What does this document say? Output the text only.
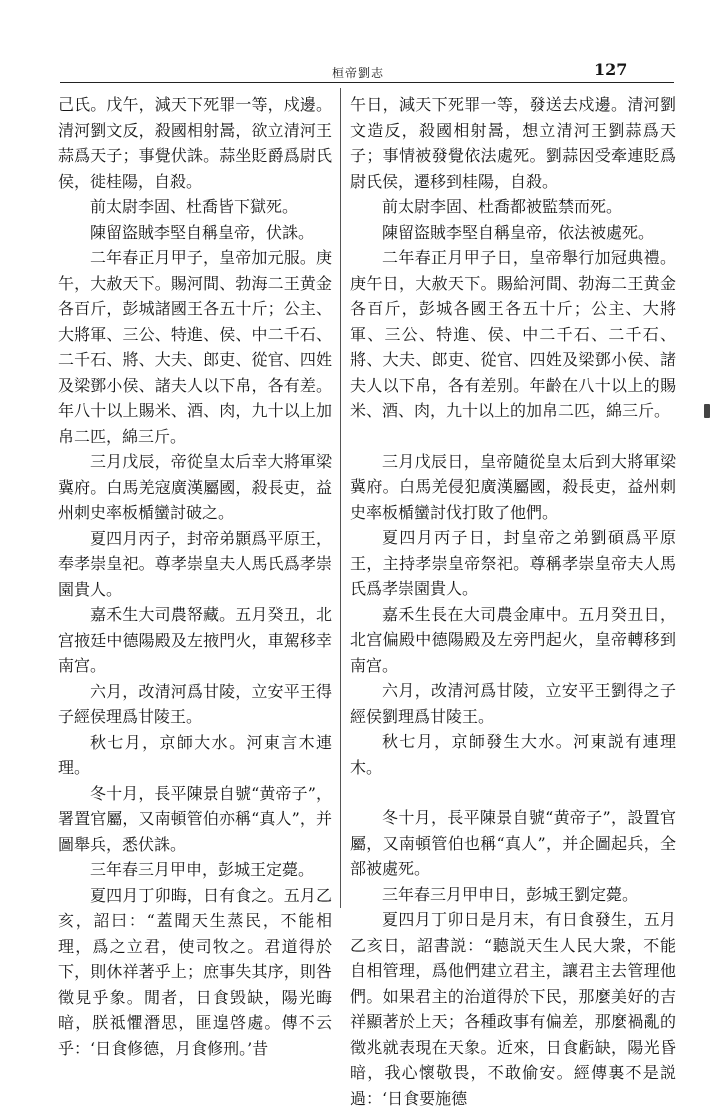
桓帝劉志	127

己氏。戊午，減天下死罪一等，戍邊。清河劉文反，殺國相射暠，欲立清河王蒜爲天子；事覺伏誅。蒜坐貶爵爲尉氏侯，徙桂陽，自殺。

前太尉李固、杜喬皆下獄死。

陳留盜賊李堅自稱皇帝，伏誅。

二年春正月甲子，皇帝加元服。庚午，大赦天下。賜河間、勃海二王黄金各百斤，彭城諸國王各五十斤；公主、大將軍、三公、特進、侯、中二千石、二千石、將、大夫、郎吏、從官、四姓及梁鄧小侯、諸夫人以下帛，各有差。年八十以上賜米、酒、肉，九十以上加帛二匹，綿三斤。

三月戊辰，帝從皇太后幸大將軍梁冀府。白馬羌寇廣漢屬國，殺長吏，益州刺史率板楯蠻討破之。

夏四月丙子，封帝弟顥爲平原王，奉孝崇皇祀。尊孝崇皇夫人馬氏爲孝崇園貴人。

嘉禾生大司農帑藏。五月癸丑，北宫掖廷中德陽殿及左掖門火，車駕移幸南宫。

六月，改清河爲甘陵，立安平王得子經侯理爲甘陵王。

秋七月，京師大水。河東言木連理。

冬十月，長平陳景自號“黄帝子”，署置官屬，又南頓管伯亦稱“真人”，并圖舉兵，悉伏誅。

三年春三月甲申，彭城王定薨。

夏四月丁卯晦，日有食之。五月乙亥，詔曰：“蓋聞天生蒸民，不能相理，爲之立君，使司牧之。君道得於下，則休祥著乎上；庶事失其序，則咎徵見乎象。閒者，日食毁缺，陽光晦暗，朕祗懼潛思，匪遑啓處。傳不云乎：‘日食修德，月食修刑。’昔

午日，減天下死罪一等，發送去戍邊。清河劉文造反，殺國相射暠，想立清河王劉蒜爲天子；事情被發覺依法處死。劉蒜因受牽連貶爲尉氏侯，遷移到桂陽，自殺。

前太尉李固、杜喬都被監禁而死。

陳留盜賊李堅自稱皇帝，依法被處死。

二年春正月甲子日，皇帝舉行加冠典禮。庚午日，大赦天下。賜給河間、勃海二王黄金各百斤，彭城各國王各五十斤；公主、大將軍、三公、特進、侯、中二千石、二千石、將、大夫、郎吏、從官、四姓及梁鄧小侯、諸夫人以下帛，各有差别。年齡在八十以上的賜米、酒、肉，九十以上的加帛二匹，綿三斤。

三月戊辰日，皇帝隨從皇太后到大將軍梁冀府。白馬羌侵犯廣漢屬國，殺長吏，益州刺史率板楯蠻討伐打敗了他們。

夏四月丙子日，封皇帝之弟劉碩爲平原王，主持孝崇皇帝祭祀。尊稱孝崇皇帝夫人馬氏爲孝崇園貴人。

嘉禾生長在大司農金庫中。五月癸丑日，北宫偏殿中德陽殿及左旁門起火，皇帝轉移到南宫。

六月，改清河爲甘陵，立安平王劉得之子經侯劉理爲甘陵王。

秋七月，京師發生大水。河東説有連理木。

冬十月，長平陳景自號“黄帝子”，設置官屬，又南頓管伯也稱“真人”，并企圖起兵，全部被處死。

三年春三月甲申日，彭城王劉定薨。

夏四月丁卯日是月末，有日食發生，五月乙亥日，詔書説：“聽説天生人民大衆，不能自相管理，爲他們建立君主，讓君主去管理他們。如果君主的治道得於下民，那麼美好的吉祥顯著於上天；各種政事有偏差，那麼禍亂的徵兆就表現在天象。近來，日食虧缺，陽光昏暗，我心懷敬畏，不敢偷安。經傳裏不是説過：‘日食要施德
